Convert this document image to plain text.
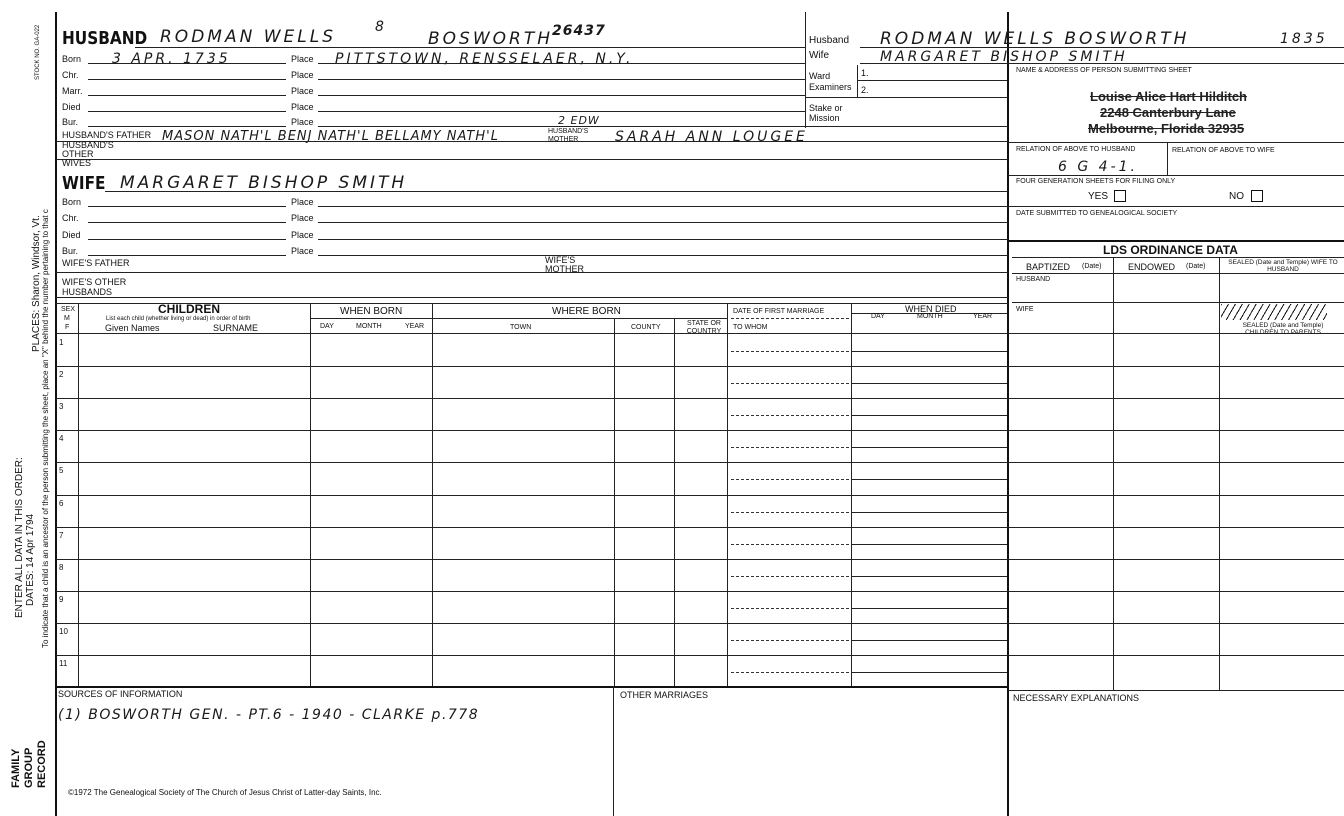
STOCK NO. GA-022
PLACES: Sharon, Windsor, Vt. To indicate that a child is an ancestor of the person submitting the sheet, place an "X" behind the number pertaining to that c
ENTER ALL DATA IN THIS ORDER: DATES: 14 Apr 1794
FAMILY GROUP RECORD
HUSBAND RODMAN WELLS	BOSWORTH
8	26437
Born 3 APR. 1735	Place PITTSTOWN, RENSSELAER, N.Y.
Chr.	Place
Marr.	Place
Died	Place
Bur.	Place
HUSBAND'S FATHER MASON NATH'L BENJ NATH'L BELLAMY NATH'L
2 EDW
HUSBAND'S MOTHER	SARAH ANN LOUGEE
HUSBAND'S OTHER WIVES
WIFE MARGARET BISHOP SMITH
Born	Place
Chr.	Place
Died	Place
Bur.	Place
WIFE'S FATHER	WIFE'S MOTHER
WIFE'S OTHER HUSBANDS
Husband RODMAN WELLS BOSWORTH	1835
Wife	MARGARET BISHOP SMITH
Ward	1.
Examiners 2.
Stake or Mission
NAME & ADDRESS OF PERSON SUBMITTING SHEET
Louise Alice Hart Hilditch
2248 Canterbury Lane
Melbourne, Florida 32935
RELATION OF ABOVE TO HUSBAND	RELATION OF ABOVE TO WIFE
6 G 4-1.
FOUR GENERATION SHEETS FOR FILING ONLY
YES	NO
DATE SUBMITTED TO GENEALOGICAL SOCIETY
LDS ORDINANCE DATA
BAPTIZED (Date)	ENDOWED (Date)
SEALED (Date and Temple) WIFE TO HUSBAND
HUSBAND
WIFE
SEALED (Date and Temple) CHILDREN TO PARENTS
SEX
M
F
CHILDREN
List each child (whether living or dead) in order of birth
Given Names	SURNAME
WHEN BORN
DAY	MONTH	YEAR
WHERE BORN
TOWN	COUNTY
STATE OR COUNTRY
DATE OF FIRST MARRIAGE
TO WHOM
WHEN DIED
DAY	MONTH	YEAR
1
2
3
4
5
6
7
8
9
10
11
SOURCES OF INFORMATION
(1) BOSWORTH GEN. - PT.6 - 1940 - CLARKE p.778
OTHER MARRIAGES	NECESSARY EXPLANATIONS
©1972 The Genealogical Society of The Church of Jesus Christ of Latter-day Saints, Inc.
